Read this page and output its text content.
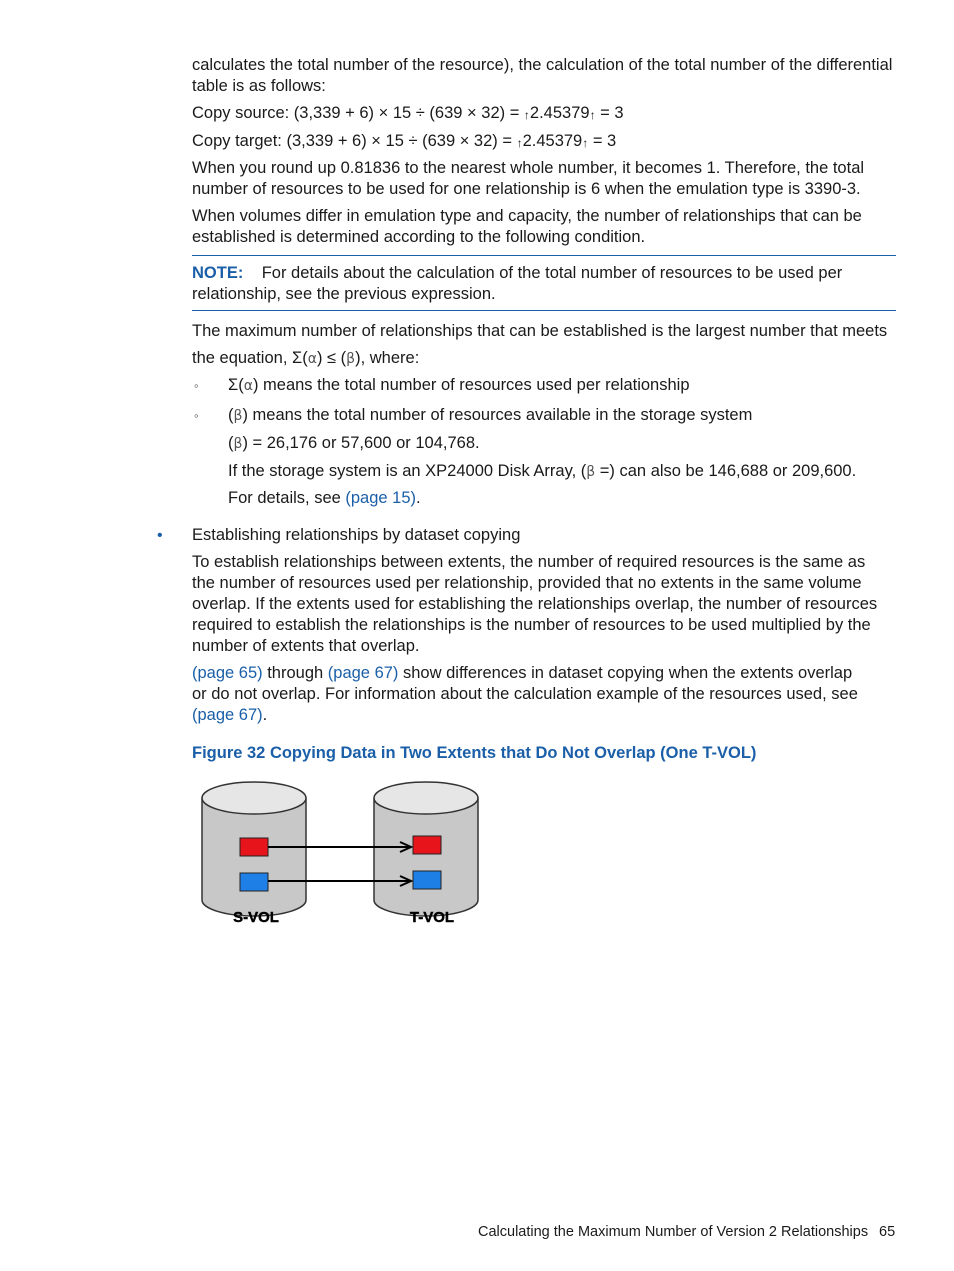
calculates the total number of the resource), the calculation of the total number of the differential
table is as follows:

Copy source: (3,339 + 6) × 15 ÷ (639 × 32) = ↑2.45379↑ = 3

Copy target: (3,339 + 6) × 15 ÷ (639 × 32) = ↑2.45379↑ = 3

When you round up 0.81836 to the nearest whole number, it becomes 1. Therefore, the total
number of resources to be used for one relationship is 6 when the emulation type is 3390-3.

When volumes differ in emulation type and capacity, the number of relationships that can be
established is determined according to the following condition.

NOTE: For details about the calculation of the total number of resources to be used per
relationship, see the previous expression.

The maximum number of relationships that can be established is the largest number that meets
the equation, Σ(α) ≤ (β), where:

◦ Σ(α) means the total number of resources used per relationship

◦ (β) means the total number of resources available in the storage system

(β) = 26,176 or 57,600 or 104,768.

If the storage system is an XP24000 Disk Array, (β =) can also be 146,688 or 209,600.

For details, see (page 15).

• Establishing relationships by dataset copying

To establish relationships between extents, the number of required resources is the same as
the number of resources used per relationship, provided that no extents in the same volume
overlap. If the extents used for establishing the relationships overlap, the number of resources
required to establish the relationships is the number of resources to be used multiplied by the
number of extents that overlap.

(page 65) through (page 67) show differences in dataset copying when the extents overlap
or do not overlap. For information about the calculation example of the resources used, see
(page 67).

Figure 32 Copying Data in Two Extents that Do Not Overlap (One T-VOL)

S-VOL	T-VOL

Calculating the Maximum Number of Version 2 Relationships 65
